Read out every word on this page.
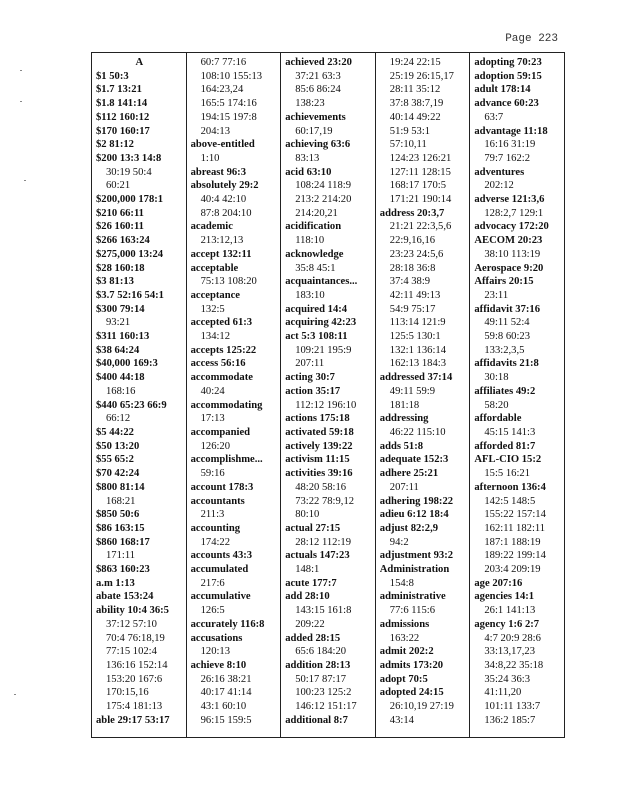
Page 223
A
$1 50:3
$1.7 13:21
$1.8 141:14
$112 160:12
$170 160:17
$2 81:12
$200 13:3 14:8
30:19 50:4
60:21
$200,000 178:1
$210 66:11
$26 160:11
$266 163:24
$275,000 13:24
$28 160:18
$3 81:13
$3.7 52:16 54:1
$300 79:14
93:21
$311 160:13
$38 64:24
$40,000 169:3
$400 44:18
168:16
$440 65:23 66:9
66:12
$5 44:22
$50 13:20
$55 65:2
$70 42:24
$800 81:14
168:21
$850 50:6
$86 163:15
$860 168:17
171:11
$863 160:23
a.m 1:13
abate 153:24
ability 10:4 36:5
37:12 57:10
70:4 76:18,19
77:15 102:4
136:16 152:14
153:20 167:6
170:15,16
175:4 181:13
able 29:17 53:17
60:7 77:16
108:10 155:13
164:23,24
165:5 174:16
194:15 197:8
204:13
above-entitled
1:10
abreast 96:3
absolutely 29:2
40:4 42:10
87:8 204:10
academic
213:12,13
accept 132:11
acceptable
75:13 108:20
acceptance
132:5
accepted 61:3
134:12
accepts 125:22
access 56:16
accommodate
40:24
accommodating
17:13
accompanied
126:20
accomplishme...
59:16
account 178:3
accountants
211:3
accounting
174:22
accounts 43:3
accumulated
217:6
accumulative
126:5
accurately 116:8
accusations
120:13
achieve 8:10
26:16 38:21
40:17 41:14
43:1 60:10
96:15 159:5
achieved 23:20
37:21 63:3
85:6 86:24
138:23
achievements
60:17,19
achieving 63:6
83:13
acid 63:10
108:24 118:9
213:2 214:20
214:20,21
acidification
118:10
acknowledge
35:8 45:1
acquaintances...
183:10
acquired 14:4
acquiring 42:23
act 5:3 108:11
109:21 195:9
207:11
acting 30:7
action 35:17
112:12 196:10
actions 175:18
activated 59:18
actively 139:22
activism 11:15
activities 39:16
48:20 58:16
73:22 78:9,12
80:10
actual 27:15
28:12 112:19
actuals 147:23
148:1
acute 177:7
add 28:10
143:15 161:8
209:22
added 28:15
65:6 184:20
addition 28:13
50:17 87:17
100:23 125:2
146:12 151:17
additional 8:7
19:24 22:15
25:19 26:15,17
28:11 35:12
37:8 38:7,19
40:14 49:22
51:9 53:1
57:10,11
124:23 126:21
127:11 128:15
168:17 170:5
171:21 190:14
address 20:3,7
21:21 22:3,5,6
22:9,16,16
23:23 24:5,6
28:18 36:8
37:4 38:9
42:11 49:13
54:9 75:17
113:14 121:9
125:5 130:1
132:1 136:14
162:13 184:3
addressed 37:14
49:11 59:9
181:18
addressing
46:22 115:10
adds 51:8
adequate 152:3
adhere 25:21
207:11
adhering 198:22
adieu 6:12 18:4
adjust 82:2,9
94:2
adjustment 93:2
Administration
154:8
administrative
77:6 115:6
admissions
163:22
admit 202:2
admits 173:20
adopt 70:5
adopted 24:15
26:10,19 27:19
43:14
adopting 70:23
adoption 59:15
adult 178:14
advance 60:23
63:7
advantage 11:18
16:16 31:19
79:7 162:2
adventures
202:12
adverse 121:3,6
128:2,7 129:1
advocacy 172:20
AECOM 20:23
38:10 113:19
Aerospace 9:20
Affairs 20:15
23:11
affidavit 37:16
49:11 52:4
59:8 60:23
133:2,3,5
affidavits 21:8
30:18
affiliates 49:2
58:20
affordable
45:15 141:3
afforded 81:7
AFL-CIO 15:2
15:5 16:21
afternoon 136:4
142:5 148:5
155:22 157:14
162:11 182:11
187:1 188:19
189:22 199:14
203:4 209:19
age 207:16
agencies 14:1
26:1 141:13
agency 1:6 2:7
4:7 20:9 28:6
33:13,17,23
34:8,22 35:18
35:24 36:3
41:11,20
101:11 133:7
136:2 185:7
